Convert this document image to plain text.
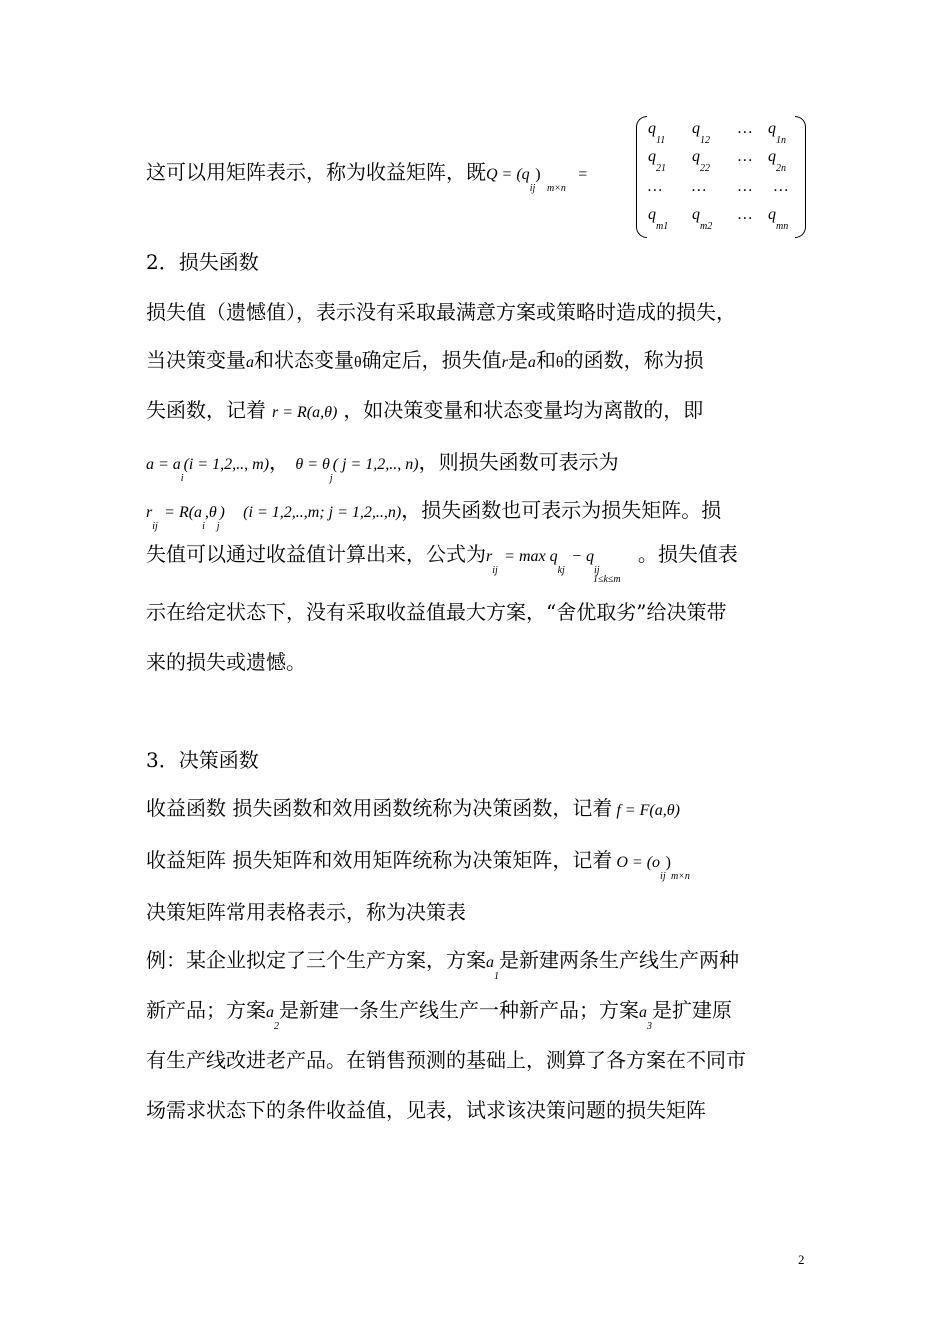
这可以用矩阵表示，称为收益矩阵，既$Q = (q_{ij}) _{m\times n}$ =
$q_{11}$
$q_{12}$
… $q_{1n}$
$q_{21}$
$q_{22}$
… $q_{2n}$
… … … …
$q_{m1}$
$q_{m2}$
… $q_{mn}$
2．损失函数
损失值（遗憾值），表示没有采取最满意方案或策略时造成的损失，
当决策变量a和状态变量θ确定后，损失值r是a和θ的函数，称为损
失函数，记着 r = R(a,θ) ，如决策变量和状态变量均为离散的，即
$a = a_i(i = 1,2$,.., m)， $\theta = \theta_j$( j = 1,2,.., n)，则损失函数可表示为
$r_{ij} = R(a_i,\theta_j) (i = 1,2,..,m$; j = 1,2,..,n)，损失函数也可表示为损失矩阵。损
失值可以通过收益值计算出来，公式为$r_{ij} = \max q_{kj} - q_{ij}$ 。损失值表
1≤k≤m
示在给定状态下，没有采取收益值最大方案，“舍优取劣”给决策带
来的损失或遗憾。
3．决策函数
收益函数 损失函数和效用函数统称为决策函数，记着 f = F(a,θ)
收益矩阵 损失矩阵和效用矩阵统称为决策矩阵，记着 $O = (o_{ij})_{m\times n}$
决策矩阵常用表格表示，称为决策表
例：某企业拟定了三个生产方案，方案$a_1$是新建两条生产线生产两种
新产品；方案$a_2$是新建一条生产线生产一种新产品；方案$a_3$是扩建原
有生产线改进老产品。在销售预测的基础上，测算了各方案在不同市
场需求状态下的条件收益值，见表，试求该决策问题的损失矩阵
2
